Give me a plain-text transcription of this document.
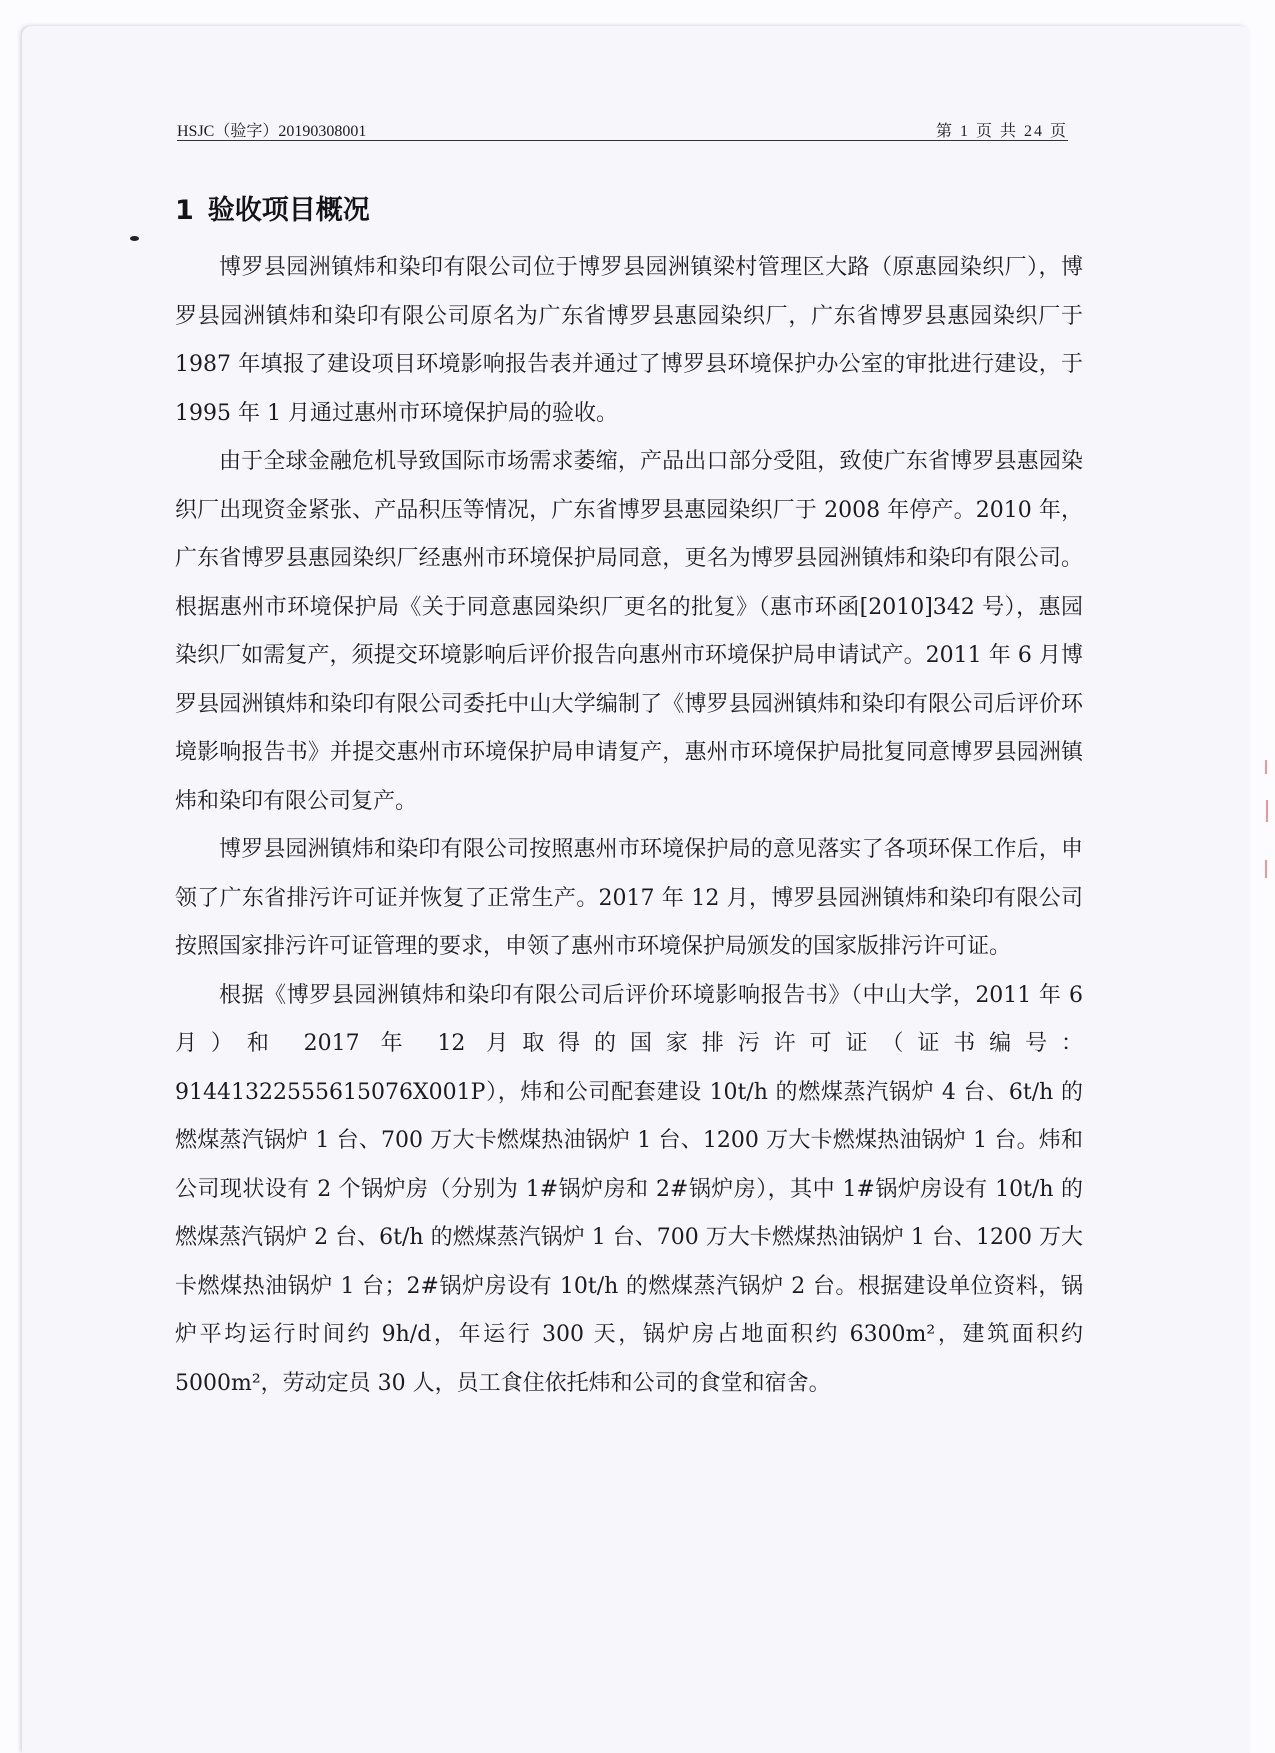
HSJC（验字）20190308001	第 1 页 共 24 页
1 验收项目概况

博罗县园洲镇炜和染印有限公司位于博罗县园洲镇梁村管理区大路（原惠园染织厂），博罗县园洲镇炜和染印有限公司原名为广东省博罗县惠园染织厂，广东省博罗县惠园染织厂于 1987 年填报了建设项目环境影响报告表并通过了博罗县环境保护办公室的审批进行建设，于 1995 年 1 月通过惠州市环境保护局的验收。

由于全球金融危机导致国际市场需求萎缩，产品出口部分受阻，致使广东省博罗县惠园染织厂出现资金紧张、产品积压等情况，广东省博罗县惠园染织厂于 2008 年停产。2010 年，广东省博罗县惠园染织厂经惠州市环境保护局同意，更名为博罗县园洲镇炜和染印有限公司。根据惠州市环境保护局《关于同意惠园染织厂更名的批复》（惠市环函[2010]342 号），惠园染织厂如需复产，须提交环境影响后评价报告向惠州市环境保护局申请试产。2011 年 6 月博罗县园洲镇炜和染印有限公司委托中山大学编制了《博罗县园洲镇炜和染印有限公司后评价环境影响报告书》并提交惠州市环境保护局申请复产，惠州市环境保护局批复同意博罗县园洲镇炜和染印有限公司复产。

博罗县园洲镇炜和染印有限公司按照惠州市环境保护局的意见落实了各项环保工作后，申领了广东省排污许可证并恢复了正常生产。2017 年 12 月，博罗县园洲镇炜和染印有限公司按照国家排污许可证管理的要求，申领了惠州市环境保护局颁发的国家版排污许可证。

根据《博罗县园洲镇炜和染印有限公司后评价环境影响报告书》（中山大学，2011 年 6 月）和 2017 年 12 月取得的国家排污许可证（证书编号：91441322555615076X001P），炜和公司配套建设 10t/h 的燃煤蒸汽锅炉 4 台、6t/h 的燃煤蒸汽锅炉 1 台、700 万大卡燃煤热油锅炉 1 台、1200 万大卡燃煤热油锅炉 1 台。炜和公司现状设有 2 个锅炉房（分别为 1#锅炉房和 2#锅炉房），其中 1#锅炉房设有 10t/h 的燃煤蒸汽锅炉 2 台、6t/h 的燃煤蒸汽锅炉 1 台、700 万大卡燃煤热油锅炉 1 台、1200 万大卡燃煤热油锅炉 1 台；2#锅炉房设有 10t/h 的燃煤蒸汽锅炉 2 台。根据建设单位资料，锅炉平均运行时间约 9h/d，年运行 300 天，锅炉房占地面积约 6300m²，建筑面积约 5000m²，劳动定员 30 人，员工食住依托炜和公司的食堂和宿舍。
